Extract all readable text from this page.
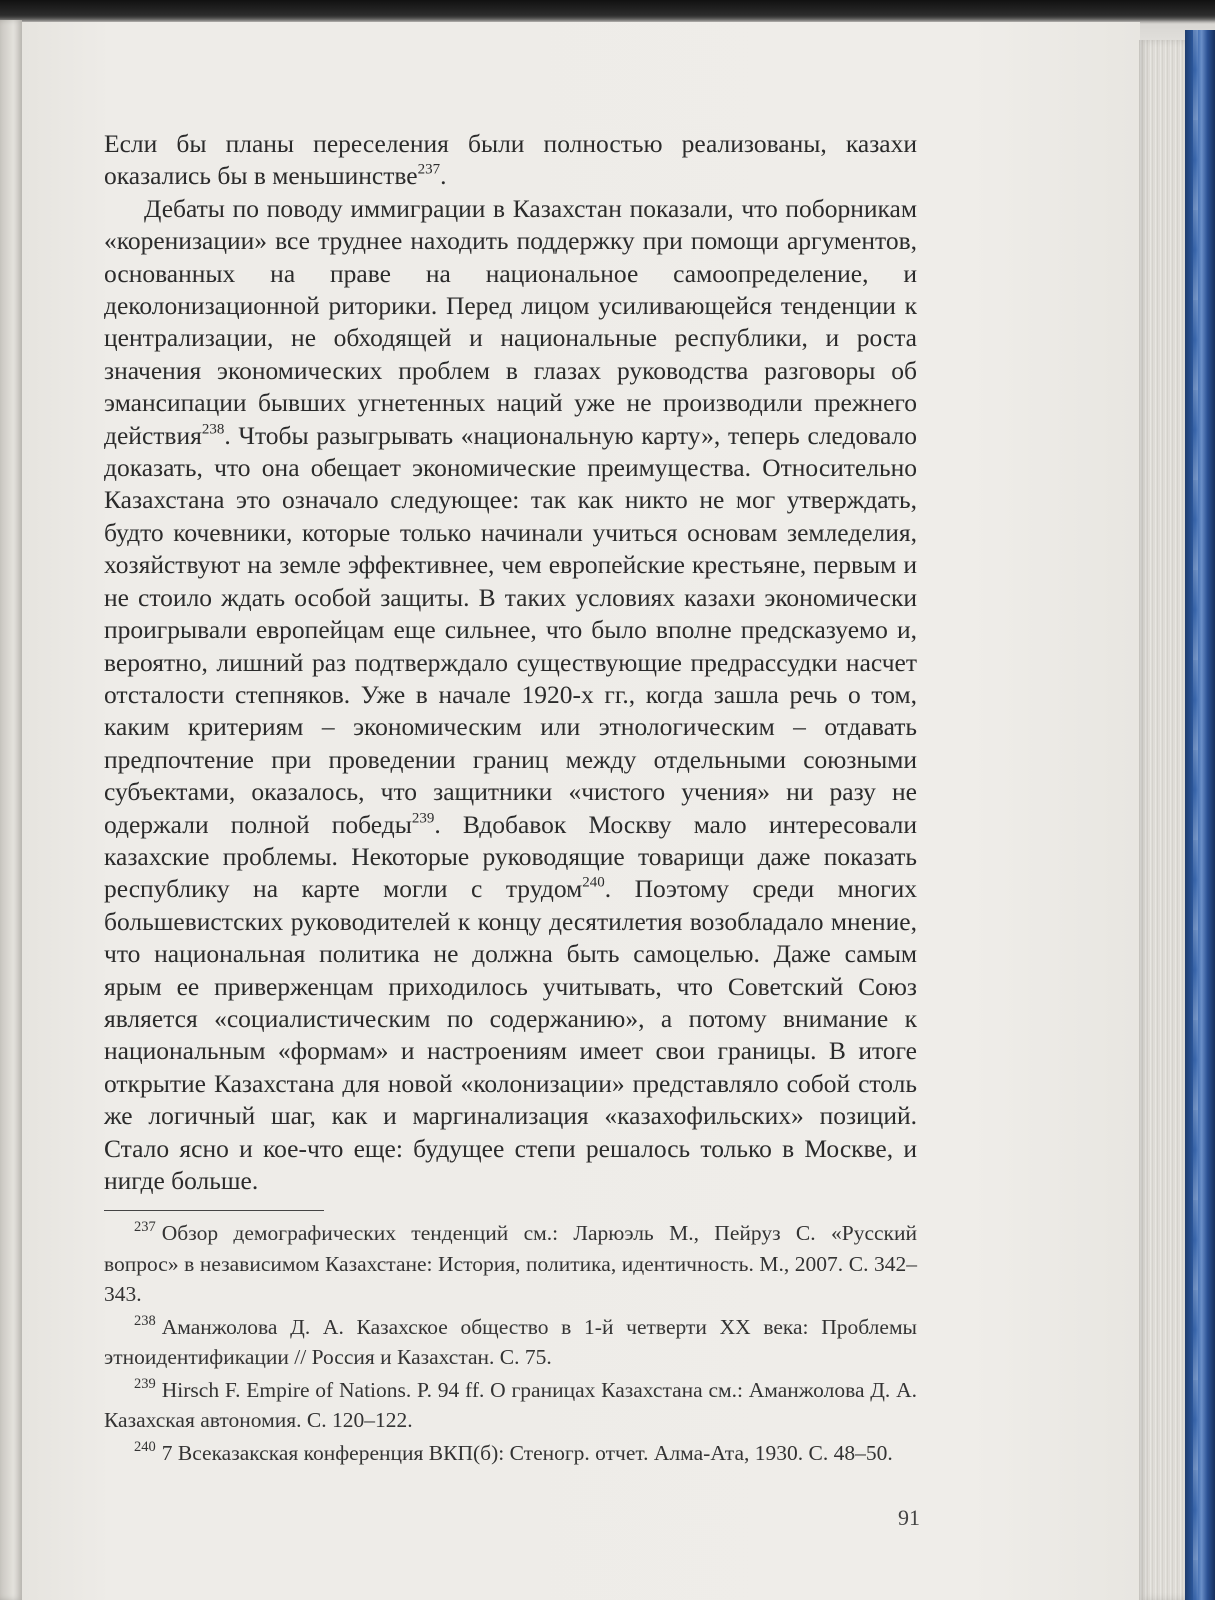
Если бы планы переселения были полностью реализованы, казахи оказались бы в меньшинстве$^{237}$.

Дебаты по поводу иммиграции в Казахстан показали, что поборникам «коренизации» все труднее находить поддержку при помощи аргументов, основанных на праве на национальное самоопределение, и деколонизационной риторики. Перед лицом усиливающейся тенденции к централизации, не обходящей и национальные республики, и роста значения экономических проблем в глазах руководства разговоры об эмансипации бывших угнетенных наций уже не производили прежнего действия$^{238}$. Чтобы разыгрывать «национальную карту», теперь следовало доказать, что она обещает экономические преимущества. Относительно Казахстана это означало следующее: так как никто не мог утверждать, будто кочевники, которые только начинали учиться основам земледелия, хозяйствуют на земле эффективнее, чем европейские крестьяне, первым и не стоило ждать особой защиты. В таких условиях казахи экономически проигрывали европейцам еще сильнее, что было вполне предсказуемо и, вероятно, лишний раз подтверждало существующие предрассудки насчет отсталости степняков. Уже в начале 1920-х гг., когда зашла речь о том, каким критериям – экономическим или этнологическим – отдавать предпочтение при проведении границ между отдельными союзными субъектами, оказалось, что защитники «чистого учения» ни разу не одержали полной победы$^{239}$. Вдобавок Москву мало интересовали казахские проблемы. Некоторые руководящие товарищи даже показать республику на карте могли с трудом$^{240}$. Поэтому среди многих большевистских руководителей к концу десятилетия возобладало мнение, что национальная политика не должна быть самоцелью. Даже самым ярым ее приверженцам приходилось учитывать, что Советский Союз является «социалистическим по содержанию», а потому внимание к национальным «формам» и настроениям имеет свои границы. В итоге открытие Казахстана для новой «колонизации» представляло собой столь же логичный шаг, как и маргинализация «казахофильских» позиций. Стало ясно и кое-что еще: будущее степи решалось только в Москве, и нигде больше.

$^{237}$ Обзор демографических тенденций см.: Ларюэль М., Пейруз С. «Русский вопрос» в независимом Казахстане: История, политика, идентичность. М., 2007. С. 342–343.

$^{238}$ Аманжолова Д. А. Казахское общество в 1-й четверти XX века: Проблемы этноидентификации // Россия и Казахстан. С. 75.

$^{239}$ Hirsch F. Empire of Nations. P. 94 ff. О границах Казахстана см.: Аманжолова Д. А. Казахская автономия. С. 120–122.

$^{240}$ 7 Всеказакская конференция ВКП(б): Стеногр. отчет. Алма-Ата, 1930. С. 48–50.

91
